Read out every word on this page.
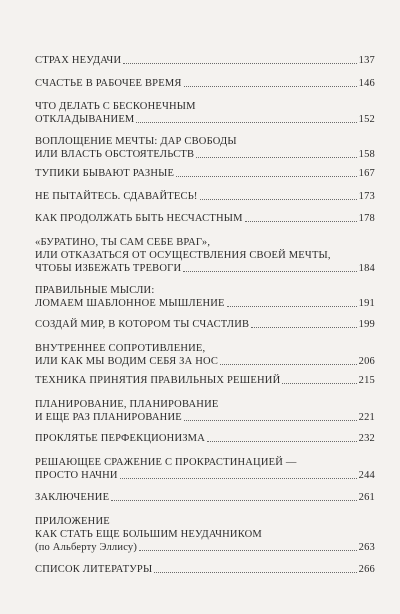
СТРАХ НЕУДАЧИ	137
СЧАСТЬЕ В РАБОЧЕЕ ВРЕМЯ	146
ЧТО ДЕЛАТЬ С БЕСКОНЕЧНЫМ
ОТКЛАДЫВАНИЕМ	152
ВОПЛОЩЕНИЕ МЕЧТЫ: ДАР СВОБОДЫ
ИЛИ ВЛАСТЬ ОБСТОЯТЕЛЬСТВ	158
ТУПИКИ БЫВАЮТ РАЗНЫЕ	167
НЕ ПЫТАЙТЕСЬ. СДАВАЙТЕСЬ!	173
КАК ПРОДОЛЖАТЬ БЫТЬ НЕСЧАСТНЫМ	178
«БУРАТИНО, ТЫ САМ СЕБЕ ВРАГ»,
ИЛИ ОТКАЗАТЬСЯ ОТ ОСУЩЕСТВЛЕНИЯ СВОЕЙ МЕЧТЫ,
ЧТОБЫ ИЗБЕЖАТЬ ТРЕВОГИ	184
ПРАВИЛЬНЫЕ МЫСЛИ:
ЛОМАЕМ ШАБЛОННОЕ МЫШЛЕНИЕ	191
СОЗДАЙ МИР, В КОТОРОМ ТЫ СЧАСТЛИВ	199
ВНУТРЕННЕЕ СОПРОТИВЛЕНИЕ,
ИЛИ КАК МЫ ВОДИМ СЕБЯ ЗА НОС	206
ТЕХНИКА ПРИНЯТИЯ ПРАВИЛЬНЫХ РЕШЕНИЙ	215
ПЛАНИРОВАНИЕ, ПЛАНИРОВАНИЕ
И ЕЩЕ РАЗ ПЛАНИРОВАНИЕ	221
ПРОКЛЯТЬЕ ПЕРФЕКЦИОНИЗМА	232
РЕШАЮЩЕЕ СРАЖЕНИЕ С ПРОКРАСТИНАЦИЕЙ —
ПРОСТО НАЧНИ	244
ЗАКЛЮЧЕНИЕ	261
ПРИЛОЖЕНИЕ
КАК СТАТЬ ЕЩЕ БОЛЬШИМ НЕУДАЧНИКОМ
(по Альберту Эллису)	263
СПИСОК ЛИТЕРАТУРЫ	266
